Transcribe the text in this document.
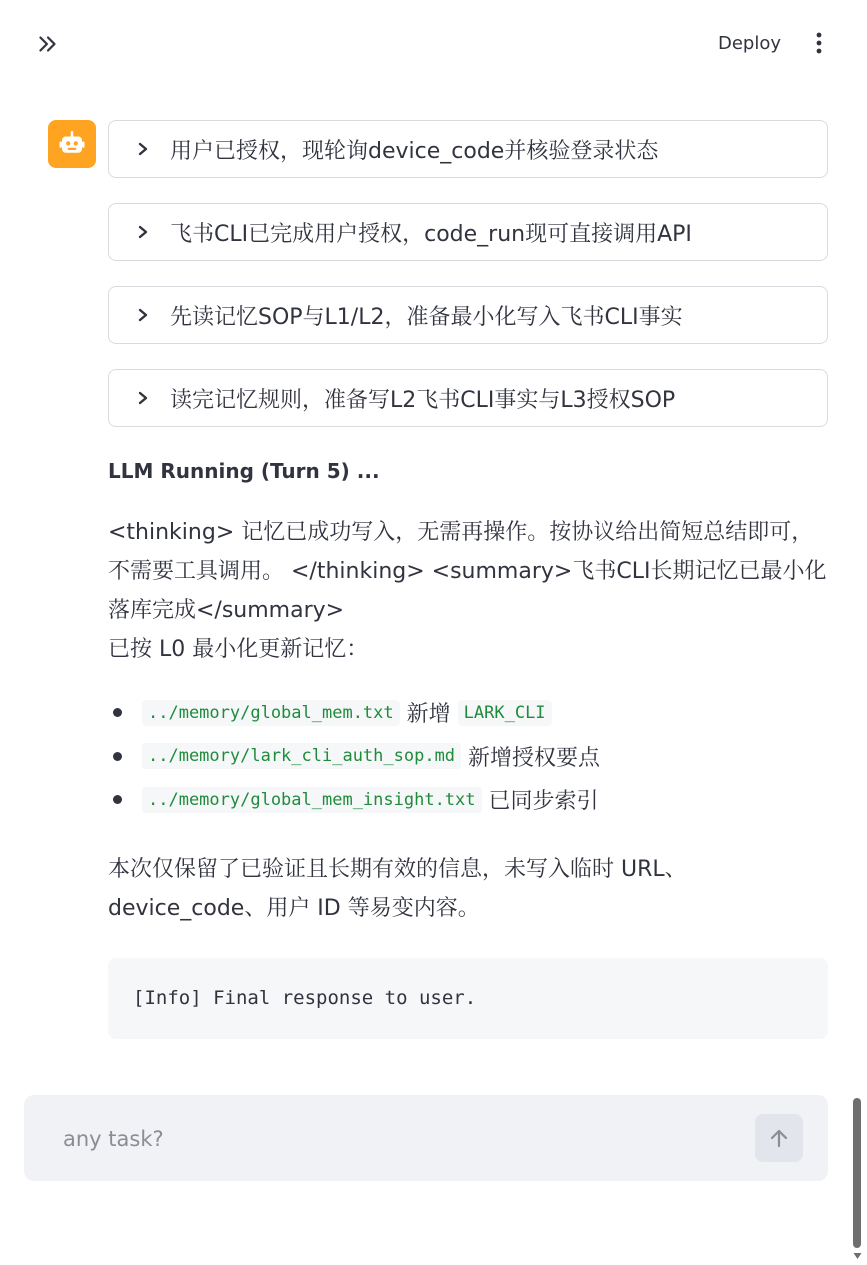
Deploy
用户已授权，现轮询device_code并核验登录状态
飞书CLI已完成用户授权，code_run现可直接调用API
先读记忆SOP与L1/L2，准备最小化写入飞书CLI事实
读完记忆规则，准备写L2飞书CLI事实与L3授权SOP

LLM Running (Turn 5) ...

<thinking> 记忆已成功写入，无需再操作。按协议给出简短总结即可，不需要工具调用。 </thinking> <summary>飞书CLI长期记忆已最小化落库完成</summary>

已按 L0 最小化更新记忆：

../memory/global_mem.txt 新增 LARK_CLI
../memory/lark_cli_auth_sop.md 新增授权要点
../memory/global_mem_insight.txt 已同步索引

本次仅保留了已验证且长期有效的信息，未写入临时 URL、device_code、用户 ID 等易变内容。

[Info] Final response to user.
any task?
